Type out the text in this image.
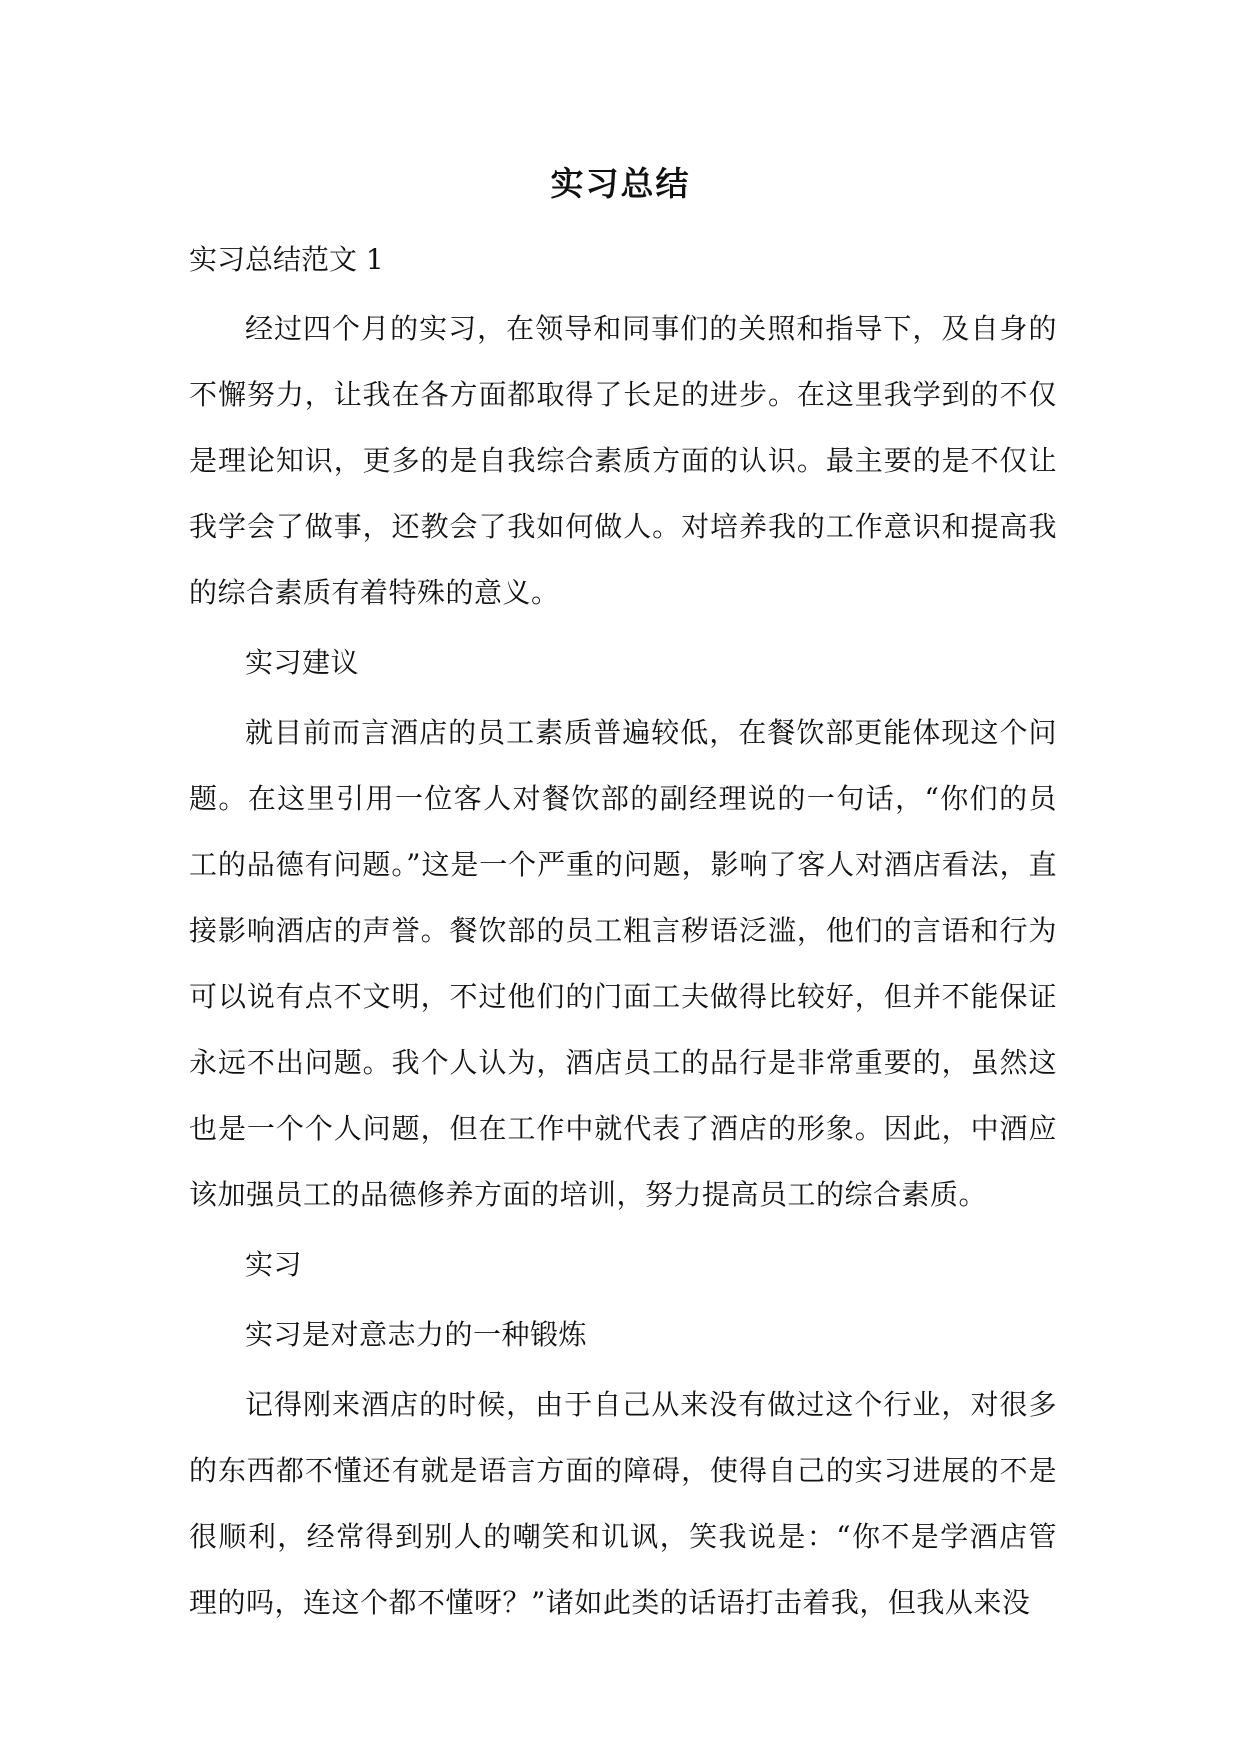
实习总结

实习总结范文 1

经过四个月的实习，在领导和同事们的关照和指导下，及自身的不懈努力，让我在各方面都取得了长足的进步。在这里我学到的不仅是理论知识，更多的是自我综合素质方面的认识。最主要的是不仅让我学会了做事，还教会了我如何做人。对培养我的工作意识和提高我的综合素质有着特殊的意义。

实习建议

就目前而言酒店的员工素质普遍较低，在餐饮部更能体现这个问题。在这里引用一位客人对餐饮部的副经理说的一句话，“你们的员工的品德有问题。”这是一个严重的问题，影响了客人对酒店看法，直接影响酒店的声誉。餐饮部的员工粗言秽语泛滥，他们的言语和行为可以说有点不文明，不过他们的门面工夫做得比较好，但并不能保证永远不出问题。我个人认为，酒店员工的品行是非常重要的，虽然这也是一个个人问题，但在工作中就代表了酒店的形象。因此，中酒应该加强员工的品德修养方面的培训，努力提高员工的综合素质。

实习

实习是对意志力的一种锻炼

记得刚来酒店的时候，由于自己从来没有做过这个行业，对很多的东西都不懂还有就是语言方面的障碍，使得自己的实习进展的不是很顺利，经常得到别人的嘲笑和讥讽，笑我说是：“你不是学酒店管理的吗，连这个都不懂呀？”诸如此类的话语打击着我，但我从来没
